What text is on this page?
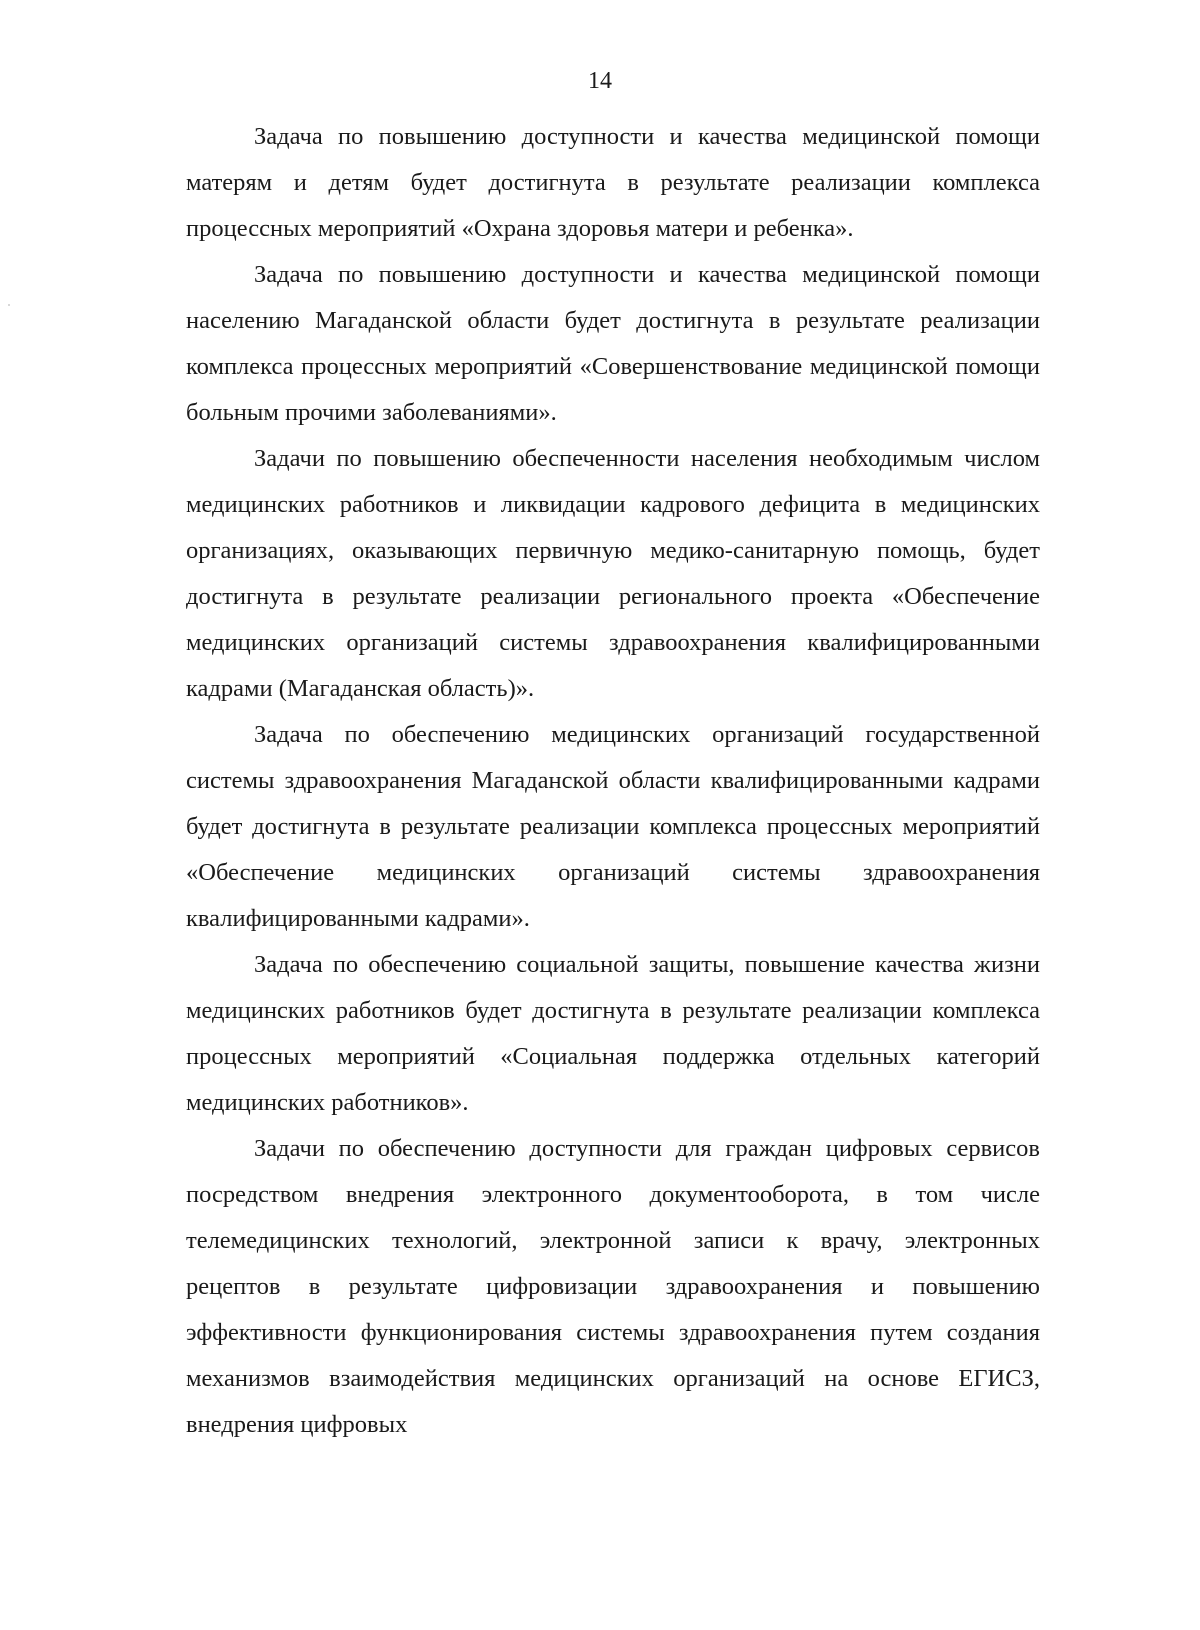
14

Задача по повышению доступности и качества медицинской помощи матерям и детям будет достигнута в результате реализации комплекса процессных мероприятий «Охрана здоровья матери и ребенка».

Задача по повышению доступности и качества медицинской помощи населению Магаданской области будет достигнута в результате реализации комплекса процессных мероприятий «Совершенствование медицинской помощи больным прочими заболеваниями».

Задачи по повышению обеспеченности населения необходимым числом медицинских работников и ликвидации кадрового дефицита в медицинских организациях, оказывающих первичную медико-санитарную помощь, будет достигнута в результате реализации регионального проекта «Обеспечение медицинских организаций системы здравоохранения квалифицированными кадрами (Магаданская область)».

Задача по обеспечению медицинских организаций государственной системы здравоохранения Магаданской области квалифицированными кадрами будет достигнута в результате реализации комплекса процессных мероприятий «Обеспечение медицинских организаций системы здравоохранения квалифицированными кадрами».

Задача по обеспечению социальной защиты, повышение качества жизни медицинских работников будет достигнута в результате реализации комплекса процессных мероприятий «Социальная поддержка отдельных категорий медицинских работников».

Задачи по обеспечению доступности для граждан цифровых сервисов посредством внедрения электронного документооборота, в том числе телемедицинских технологий, электронной записи к врачу, электронных рецептов в результате цифровизации здравоохранения и повышению эффективности функционирования системы здравоохранения путем создания механизмов взаимодействия медицинских организаций на основе ЕГИСЗ, внедрения цифровых
